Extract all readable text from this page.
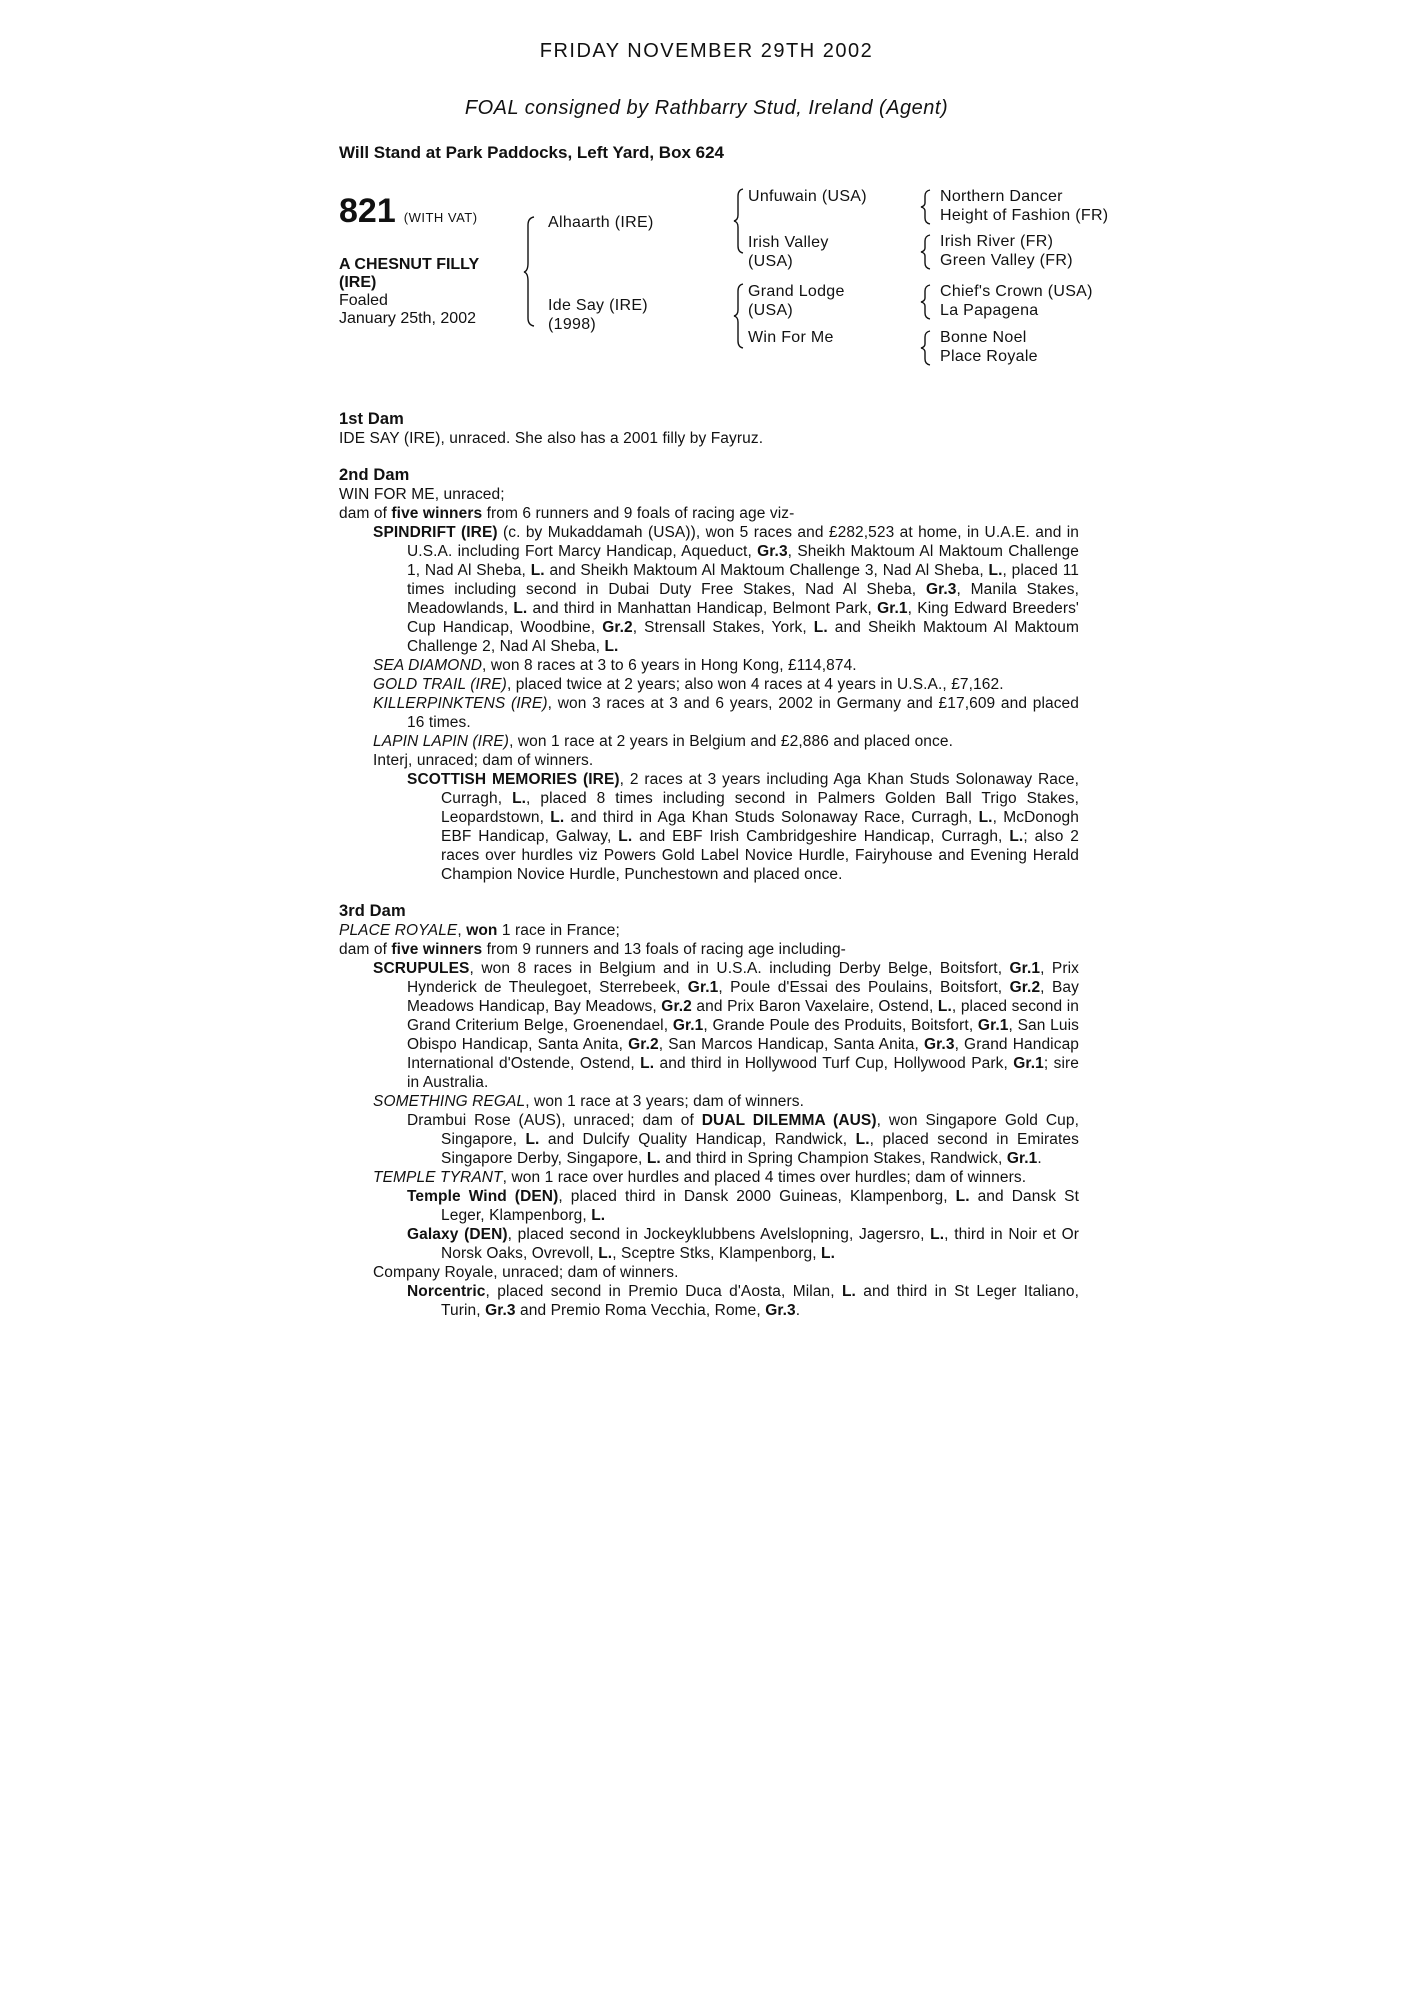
FRIDAY NOVEMBER 29TH 2002
FOAL consigned by Rathbarry Stud, Ireland (Agent)
Will Stand at Park Paddocks, Left Yard, Box 624
821 (WITH VAT)
A CHESNUT FILLY
(IRE)
Foaled
January 25th, 2002
Alhaarth (IRE)
Ide Say (IRE)
(1998)
Unfuwain (USA)
Irish Valley
(USA)
Grand Lodge
(USA)
Win For Me
Northern Dancer
Height of Fashion (FR)
Irish River (FR)
Green Valley (FR)
Chief's Crown (USA)
La Papagena
Bonne Noel
Place Royale
1st Dam

IDE SAY (IRE), unraced. She also has a 2001 filly by Fayruz.

2nd Dam

WIN FOR ME, unraced;

dam of five winners from 6 runners and 9 foals of racing age viz-

SPINDRIFT (IRE) (c. by Mukaddamah (USA)), won 5 races and £282,523 at home, in U.A.E. and in U.S.A. including Fort Marcy Handicap, Aqueduct, Gr.3, Sheikh Maktoum Al Maktoum Challenge 1, Nad Al Sheba, L. and Sheikh Maktoum Al Maktoum Challenge 3, Nad Al Sheba, L., placed 11 times including second in Dubai Duty Free Stakes, Nad Al Sheba, Gr.3, Manila Stakes, Meadowlands, L. and third in Manhattan Handicap, Belmont Park, Gr.1, King Edward Breeders' Cup Handicap, Woodbine, Gr.2, Strensall Stakes, York, L. and Sheikh Maktoum Al Maktoum Challenge 2, Nad Al Sheba, L.

SEA DIAMOND, won 8 races at 3 to 6 years in Hong Kong, £114,874.

GOLD TRAIL (IRE), placed twice at 2 years; also won 4 races at 4 years in U.S.A., £7,162.

KILLERPINKTENS (IRE), won 3 races at 3 and 6 years, 2002 in Germany and £17,609 and placed 16 times.

LAPIN LAPIN (IRE), won 1 race at 2 years in Belgium and £2,886 and placed once.

Interj, unraced; dam of winners.

SCOTTISH MEMORIES (IRE), 2 races at 3 years including Aga Khan Studs Solonaway Race, Curragh, L., placed 8 times including second in Palmers Golden Ball Trigo Stakes, Leopardstown, L. and third in Aga Khan Studs Solonaway Race, Curragh, L., McDonogh EBF Handicap, Galway, L. and EBF Irish Cambridgeshire Handicap, Curragh, L.; also 2 races over hurdles viz Powers Gold Label Novice Hurdle, Fairyhouse and Evening Herald Champion Novice Hurdle, Punchestown and placed once.

3rd Dam

PLACE ROYALE, won 1 race in France;

dam of five winners from 9 runners and 13 foals of racing age including-

SCRUPULES, won 8 races in Belgium and in U.S.A. including Derby Belge, Boitsfort, Gr.1, Prix Hynderick de Theulegoet, Sterrebeek, Gr.1, Poule d'Essai des Poulains, Boitsfort, Gr.2, Bay Meadows Handicap, Bay Meadows, Gr.2 and Prix Baron Vaxelaire, Ostend, L., placed second in Grand Criterium Belge, Groenendael, Gr.1, Grande Poule des Produits, Boitsfort, Gr.1, San Luis Obispo Handicap, Santa Anita, Gr.2, San Marcos Handicap, Santa Anita, Gr.3, Grand Handicap International d'Ostende, Ostend, L. and third in Hollywood Turf Cup, Hollywood Park, Gr.1; sire in Australia.

SOMETHING REGAL, won 1 race at 3 years; dam of winners.

Drambui Rose (AUS), unraced; dam of DUAL DILEMMA (AUS), won Singapore Gold Cup, Singapore, L. and Dulcify Quality Handicap, Randwick, L., placed second in Emirates Singapore Derby, Singapore, L. and third in Spring Champion Stakes, Randwick, Gr.1.

TEMPLE TYRANT, won 1 race over hurdles and placed 4 times over hurdles; dam of winners.

Temple Wind (DEN), placed third in Dansk 2000 Guineas, Klampenborg, L. and Dansk St Leger, Klampenborg, L.

Galaxy (DEN), placed second in Jockeyklubbens Avelslopning, Jagersro, L., third in Noir et Or Norsk Oaks, Ovrevoll, L., Sceptre Stks, Klampenborg, L.

Company Royale, unraced; dam of winners.

Norcentric, placed second in Premio Duca d'Aosta, Milan, L. and third in St Leger Italiano, Turin, Gr.3 and Premio Roma Vecchia, Rome, Gr.3.
